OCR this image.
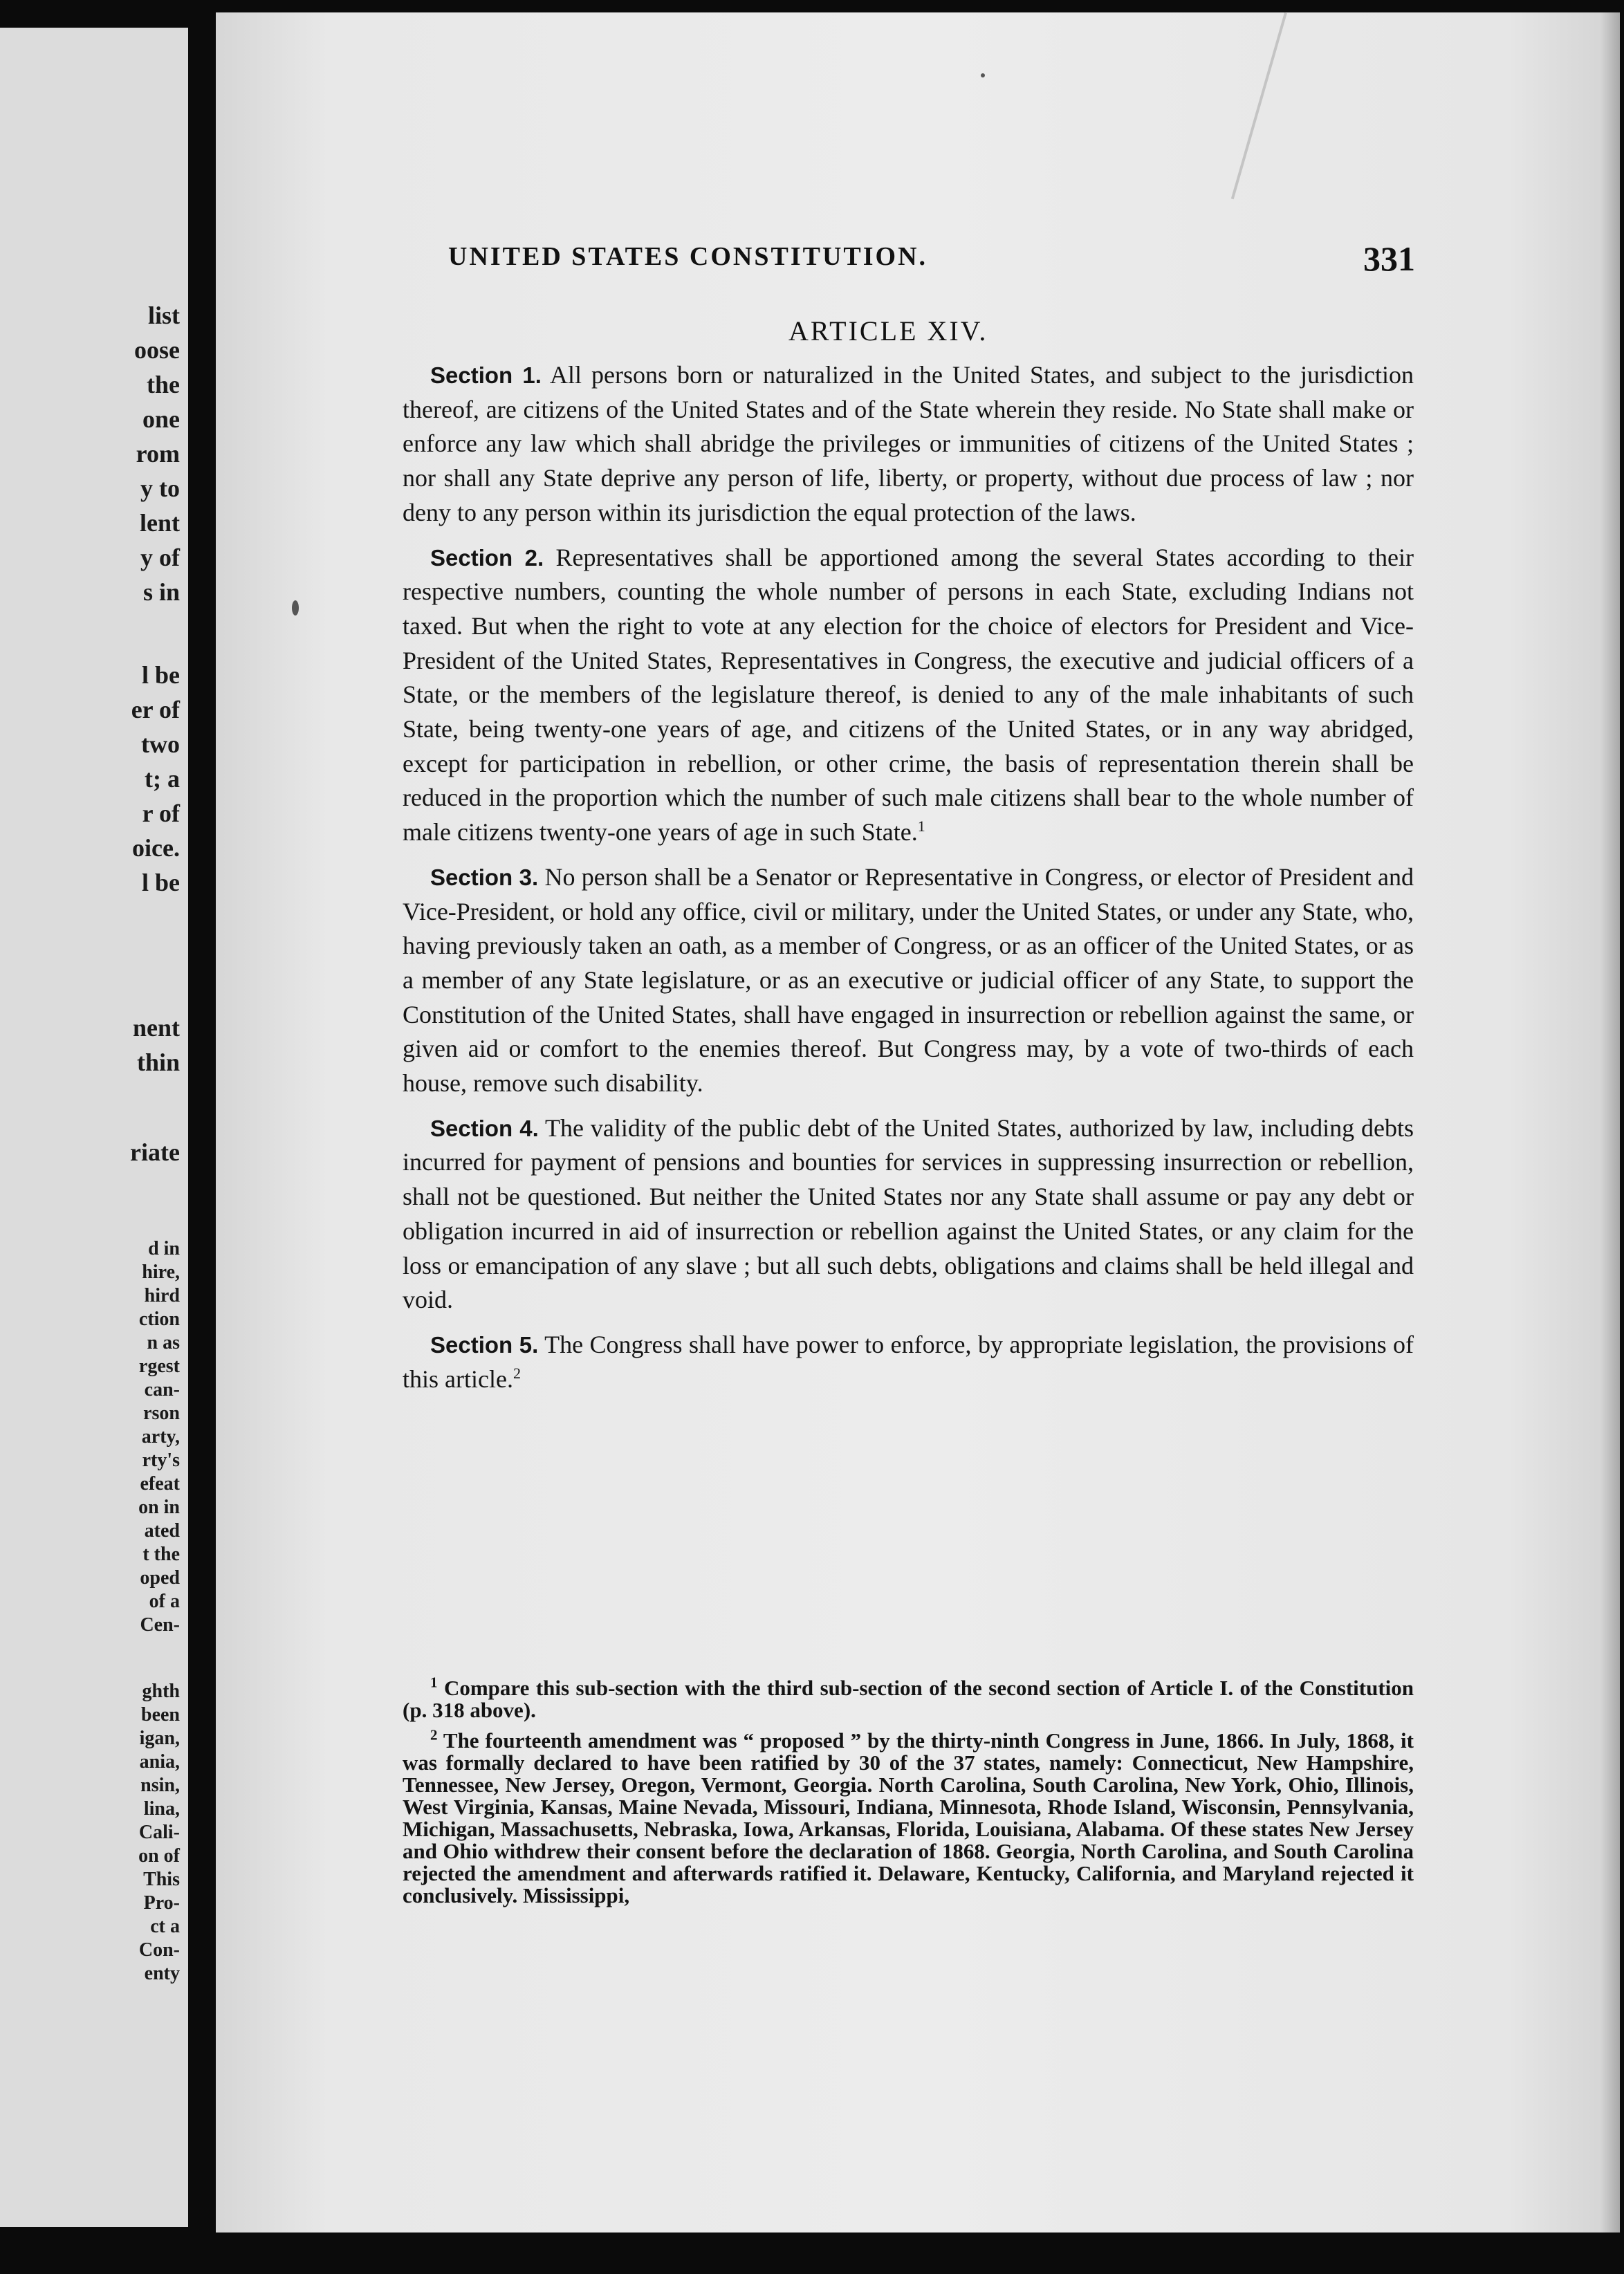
list
oose
the
one
rom
y to
lent
y of
s in
l be
er of
two
t; a
r of
oice.
l be
nent
thin
riate
d in
hire,
hird
ction
n as
rgest
can-
rson
arty,
rty's
efeat
on in
ated
t the
oped
of a
Cen-
ghth
been
igan,
ania,
nsin,
lina,
Cali-
on of
This
Pro-
ct a
Con-
enty
UNITED STATES CONSTITUTION.	331
ARTICLE XIV.

Section 1. All persons born or naturalized in the United States, and subject to the jurisdiction thereof, are citizens of the United States and of the State wherein they reside. No State shall make or enforce any law which shall abridge the privileges or immunities of citizens of the United States ; nor shall any State deprive any person of life, liberty, or property, without due process of law ; nor deny to any person within its jurisdiction the equal protection of the laws.

Section 2. Representatives shall be apportioned among the several States according to their respective numbers, counting the whole number of persons in each State, excluding Indians not taxed. But when the right to vote at any election for the choice of electors for President and Vice-President of the United States, Representatives in Congress, the executive and judicial officers of a State, or the members of the legislature thereof, is denied to any of the male inhabitants of such State, being twenty-one years of age, and citizens of the United States, or in any way abridged, except for participation in rebellion, or other crime, the basis of representation therein shall be reduced in the proportion which the number of such male citizens shall bear to the whole number of male citizens twenty-one years of age in such State.$^1$

Section 3. No person shall be a Senator or Representative in Congress, or elector of President and Vice-President, or hold any office, civil or military, under the United States, or under any State, who, having previously taken an oath, as a member of Congress, or as an officer of the United States, or as a member of any State legislature, or as an executive or judicial officer of any State, to support the Constitution of the United States, shall have engaged in insurrection or rebellion against the same, or given aid or comfort to the enemies thereof. But Congress may, by a vote of two-thirds of each house, remove such disability.

Section 4. The validity of the public debt of the United States, authorized by law, including debts incurred for payment of pensions and bounties for services in suppressing insurrection or rebellion, shall not be questioned. But neither the United States nor any State shall assume or pay any debt or obligation incurred in aid of insurrection or rebellion against the United States, or any claim for the loss or emancipation of any slave ; but all such debts, obligations and claims shall be held illegal and void.

Section 5. The Congress shall have power to enforce, by appropriate legislation, the provisions of this article.$^2$

$^1$ Compare this sub-section with the third sub-section of the second section of Article I. of the Constitution (p. 318 above).

$^2$ The fourteenth amendment was “ proposed ” by the thirty-ninth Congress in June, 1866. In July, 1868, it was formally declared to have been ratified by 30 of the 37 states, namely: Connecticut, New Hampshire, Tennessee, New Jersey, Oregon, Vermont, Georgia. North Carolina, South Carolina, New York, Ohio, Illinois, West Virginia, Kansas, Maine Nevada, Missouri, Indiana, Minnesota, Rhode Island, Wisconsin, Pennsylvania, Michigan, Massachusetts, Nebraska, Iowa, Arkansas, Florida, Louisiana, Alabama. Of these states New Jersey and Ohio withdrew their consent before the declaration of 1868. Georgia, North Carolina, and South Carolina rejected the amendment and afterwards ratified it. Delaware, Kentucky, California, and Maryland rejected it conclusively. Mississippi,
